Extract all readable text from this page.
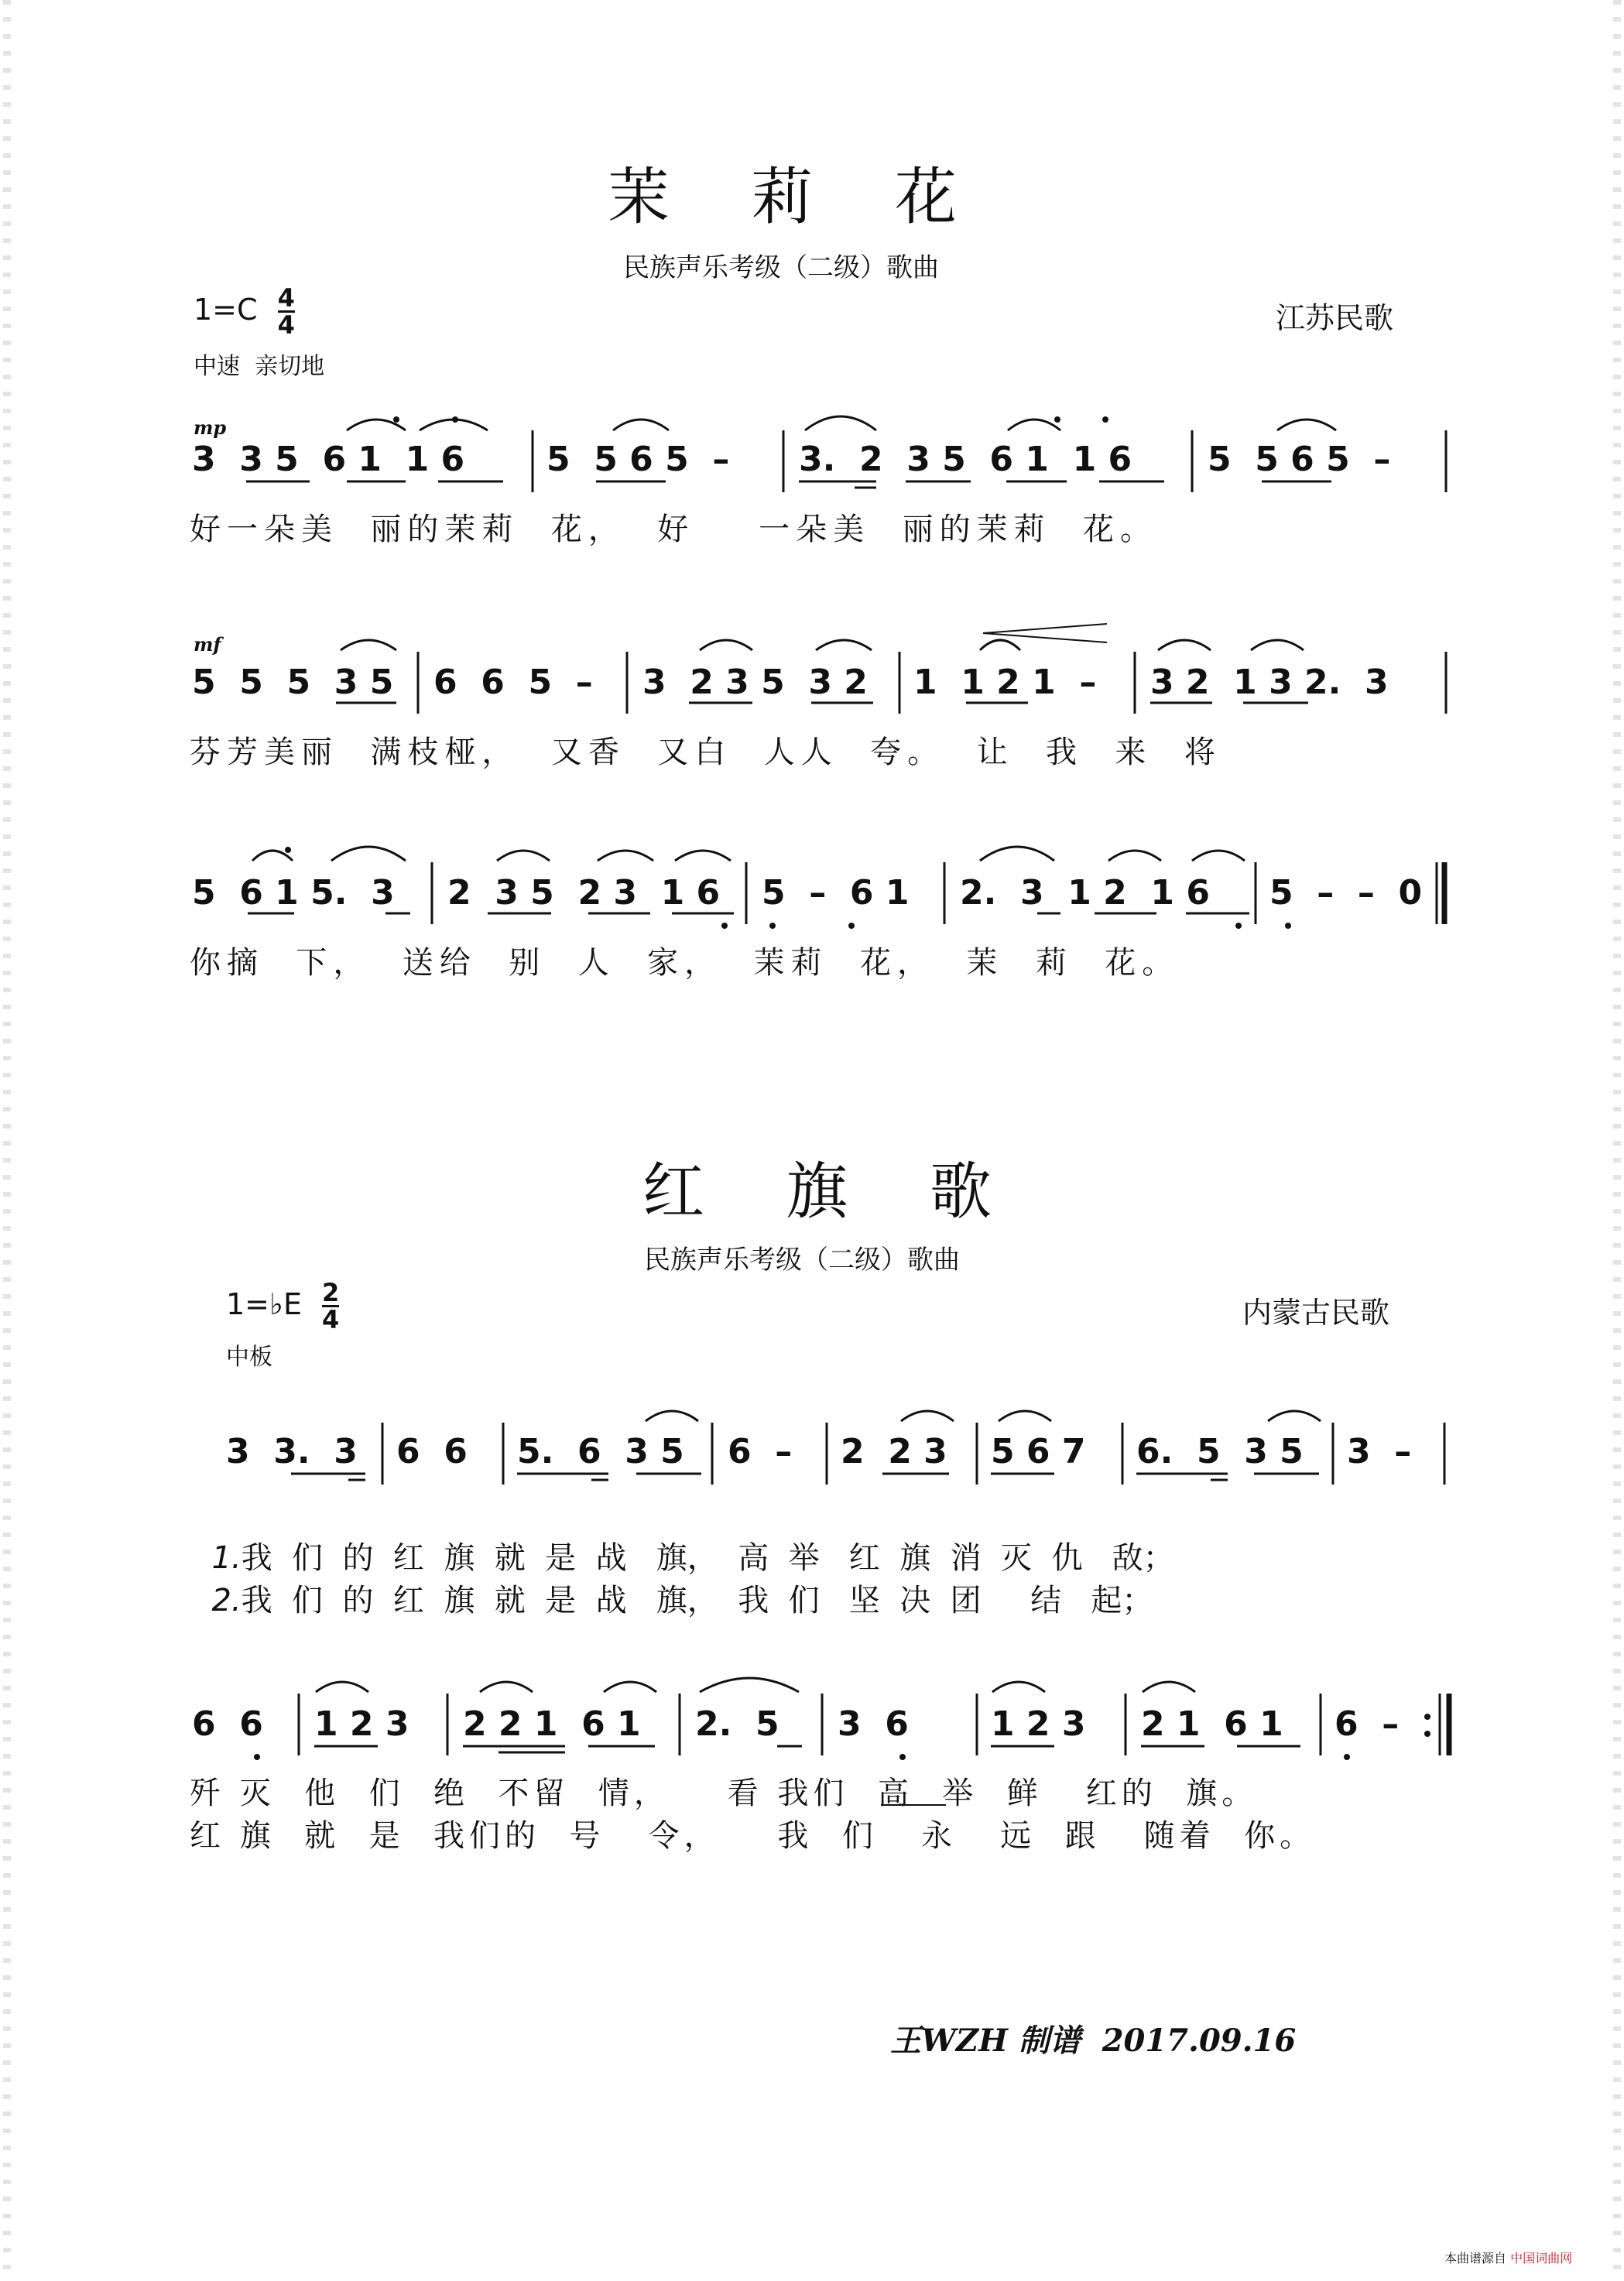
茉 莉 花
民族声乐考级（二级）歌曲
$1=C \frac{4}{4}$	江苏民歌
中速  亲切地
mp
3  3 5  6 1  1 6 5  5 6 5  – 3.  2  3 5  6 1  1 6 5  5 6 5  –
好一朵美  丽的茉莉  花，  好    一朵美  丽的茉莉  花。
mf
5  5  5  3 5 6  6  5  – 3  2 3 5  3 2 1  1 2 1  – 3 2  1 3 2.  3
芬芳美丽  满枝桠，  又香  又白  人人  夸。  让  我  来  将
5  6 1 5.  3 2  3 5  2 3  1 6 5  –  6 1 2.  3  1 2  1 6 5  –  –  0
你摘  下，  送给  别  人  家，  茉莉  花，  茉  莉  花。
红 旗 歌
民族声乐考级（二级）歌曲
1=♭E $\frac{2}{4}$	内蒙古民歌
中板
3  3.  3 6  6 5.  6  3 5 6  – 2  2 3 5 6 7 6.  5  3 5 3  –

1.我  们  的  红  旗  就  是  战   旗，  高  举   红  旗  消  灭  仇   敌；

2.我  们  的  红  旗  就  是  战   旗，  我  们   坚  决  团     结   起；

6  6 1 2 3 2 2 1  6 1 2.  5 3  6 1 2 3 2 1  6 1 6  –
歼 灭  他  们  绝  不留  情，    看 我们  高  举  鲜   红的  旗。
红 旗  就  是  我们的  号   令，    我  们   永   远  跟   随着  你。
王WZH 制谱  2017.09.16
本曲谱源自 中国词曲网
